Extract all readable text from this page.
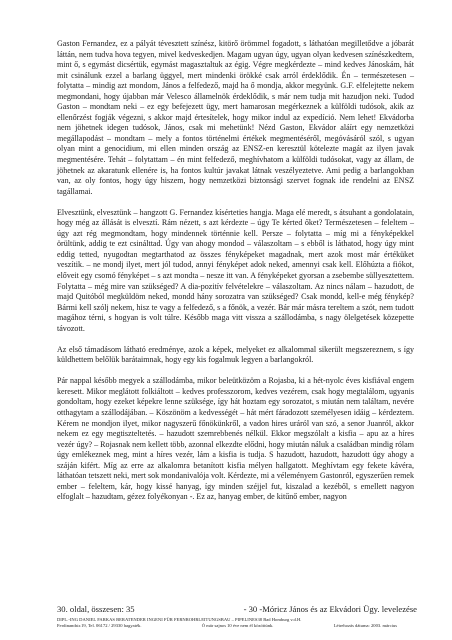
Gaston Fernandez, ez a pályát tévesztett színész, kitörő örömmel fogadott, s láthatóan megilletődve a jóbarát láttán, nem tudva hova tegyen, mivel kedveskedjen. Magam ugyan úgy, ugyan olyan kedvesen színészkedtem, mint ő, s egymást dicsértük, egymást magasztaltuk az égig. Végre megkérdezte – mind kedves Jánoskám, hát mit csinálunk ezzel a barlang üggyel, mert mindenki örökké csak arról érdeklődik. Én – természetesen – folytatta – mindig azt mondom, János a felfedező, majd ha ő mondja, akkor megyünk. G.F. elfelejtette nekem megmondani, hogy újabban már Velesco államelnök érdeklődik, s már nem tudja mit hazudjon neki. Tudod Gaston – mondtam neki – ez egy befejezett ügy, mert hamarosan megérkeznek a külföldi tudósok, akik az ellenőrzést fogják végezni, s akkor majd értesítelek, hogy mikor indul az expedíció. Nem lehet! Ekvádorba nem jöhetnek idegen tudósok, János, csak mi mehetünk! Nézd Gaston, Ekvádor aláírt egy nemzetközi megállapodást – mondtam – mely a fontos történelmi értékek megmentéséről, megóvásáról szól, s ugyan olyan mint a genocidium, mi ellen minden ország az ENSZ-en keresztül kötelezte magát az ilyen javak megmentésére. Tehát – folytattam – én mint felfedező, meghívhatom a külföldi tudósokat, vagy az állam, de jöhetnek az akaratunk ellenére is, ha fontos kultúr javakat látnak veszélyeztetve. Ami pedig a barlangokban van, az oly fontos, hogy úgy hiszem, hogy nemzetközi biztonsági szervet fognak ide rendelni az ENSZ tagállamai.

Elvesztünk, elvesztünk – hangzott G. Fernandez kísérteties hangja. Maga elé meredt, s átsuhant a gondolatain, hogy még az állását is elvesztí. Rám nézett, s azt kérdezte – úgy Te kérted őket? Természetesen – feleltem – úgy azt rég megmondtam, hogy mindennek történnie kell. Persze – folytatta – míg mi a fényképekkel örültünk, addig te ezt csinálttad. Úgy van ahogy mondod – válaszoltam – s ebből is láthatod, hogy úgy mint eddig tetted, nyugodtan megtarthatod az összes fényképeket magadnak, mert azok most már értéküket veszítik. – ne mondj ilyet, mert jól tudod, annyi fényképet adok neked, amennyi csak kell. Előhúzta a fiókot, előveit egy csomó fényképet – s azt mondta – nesze itt van. A fényképeket gyorsan a zsebembe süllyesztettem. Folytatta – még mire van szükséged? A dia-pozitív felvételekre – válaszoltam. Az nincs nálam – hazudott, de majd Quitóból megküldöm neked, mondd hány sorozatra van szükséged? Csak mondd, kell-e még fénykép? Bármi kell szólj nekem, hisz te vagy a felfedező, s a főnök, a vezér. Bár már másra tereltem a szót, nem tudott magához térni, s hogyan is volt túlre. Később maga vitt vissza a szállodámba, s nagy ölelgetések közepette távozott.

Az első támadásom látható eredménye, azok a képek, melyeket ez alkalommal sikerült megszereznem, s így küldhettem belőlük barátaimnak, hogy egy kis fogalmuk legyen a barlangokról.

Pár nappal később megyek a szállodámba, mikor beleütközöm a Rojasba, ki a hét-nyolc éves kisfiával engem keresett. Mikor meglátott folkiáltott – kedves professzorom, kedves vezérem, csak hogy megtalálom, ugyanis gondoltam, hogy ezeket képekre lenne szüksége, így hát hoztam egy sorozatot, s miután nem találtam, nevére otthagytam a szállodájában. – Köszönöm a kedvességét – hát mért fáradozott személyesen idáig – kérdeztem. Kérem ne mondjon ilyet, mikor nagyszerű főnökünkről, a vadon hires uráról van szó, a senor Juanról, akkor nekem ez egy megtiszteltetés. – hazudott szemrebbenés nélkül. Ekkor megszólalt a kisfia – apu az a híres vezér úgy? – Rojasnak nem kellett több, azonnal elkezdte elődni, hogy miután náluk a családban mindig rólam úgy emlékeznek meg, mint a híres vezér, lám a kisfia is tudja. S hazudott, hazudott, hazudott úgy ahogy a száján kifért. Míg az erre az alkalomra betanított kisfia mélyen hallgatott. Meghívtam egy fekete kávéra, láthatóan tetszett neki, mert sok mondanivalója volt. Kérdezte, mi a véleményem Gastonról, egyszerűen remek ember – feleltem, kár, hogy kissé hanyag, így minden széjjel fut, kiszalad a kezéből, s emellett nagyon elfoglalt – hazudtam, gézez folyékonyan -. Ez az, hanyag ember, de kitűnő ember, nagyon

30. oldal, összesen: 35	- 30 -Móricz János és az Ekvádori Ügy. levelezése
DIPL.-ING DANIEL FARKAS BERATENDER INGENI FÜR FERNROHRLEITUNGSBAU – PIPELINES38 Bad Homburg v.d.H.
Ferdinandstr.19, Tel. 06172 / 29330 hagyaték.	Ó már sajnos 10 éve nem él közöttünk.	Létrehozás dátuma: 2003. március
